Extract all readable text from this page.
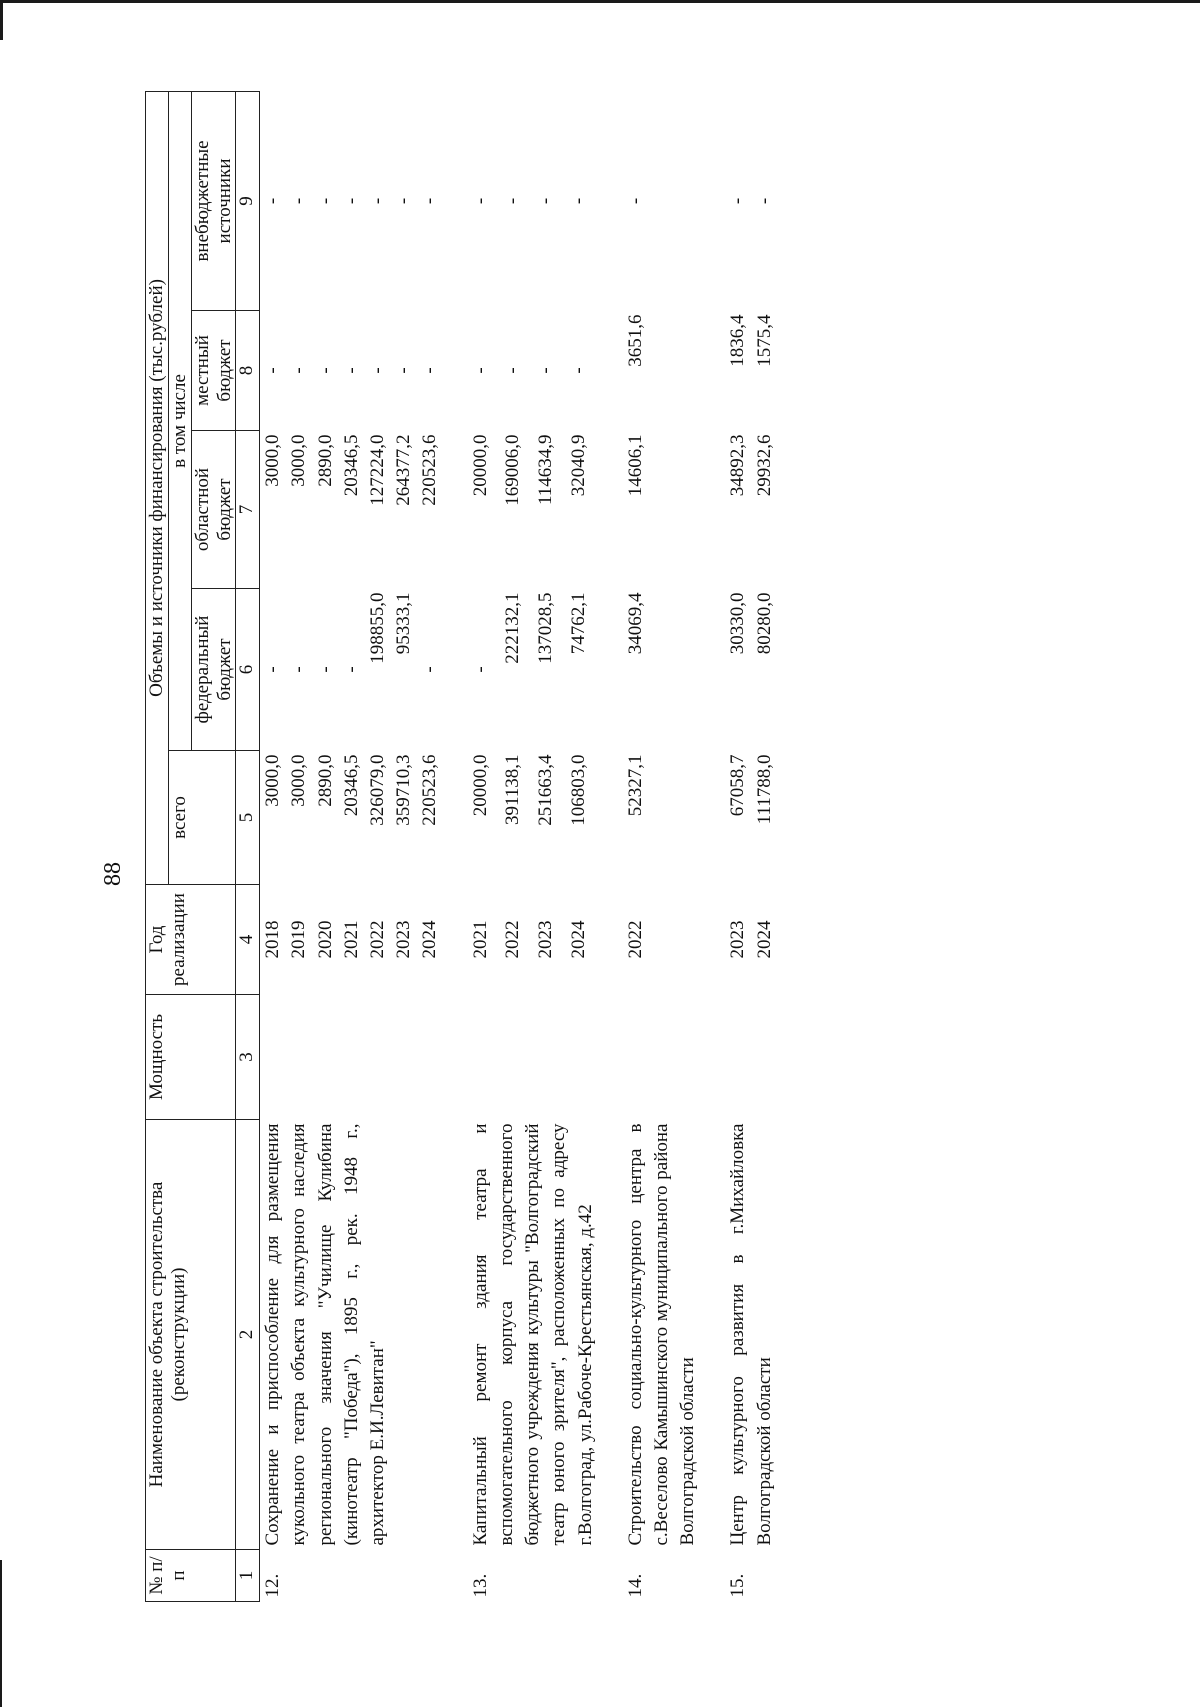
88
№ п/п	Наименование объекта строительства (реконструкции)	Мощность	Год реализации	Объемы и источники финансирования (тыс.рублей)				
				всего	в том числе			
					федеральный бюджет	областной бюджет	местный бюджет	внебюджетные источники
1	2	3	4	5	6	7	8	9
12.	Сохранение и приспособление для размещения кукольного театра объекта культурного наследия регионального значения "Училище Кулибина (кинотеатр "Победа"), 1895 г., рек. 1948 г., архитектор Е.И.Левитан"		2018	3000,0	-	3000,0	-	-
			2019	3000,0	-	3000,0	-	-
			2020	2890,0	-	2890,0	-	-
			2021	20346,5	-	20346,5	-	-
			2022	326079,0	198855,0	127224,0	-	-
			2023	359710,3	95333,1	264377,2	-	-
			2024	220523,6	-	220523,6	-	-

13.	Капитальный ремонт здания театра и вспомогательного корпуса государственного бюджетного учреждения культуры "Волгоградский театр юного зрителя", расположенных по адресу г.Волгоград, ул.Рабоче-Крестьянская, д.42		2021	20000,0	-	20000,0	-	-
			2022	391138,1	222132,1	169006,0	-	-
			2023	251663,4	137028,5	114634,9	-	-
			2024	106803,0	74762,1	32040,9	-	-

14.	Строительство социально-культурного центра в с.Веселово Камышинского муниципального района Волгоградской области		2022	52327,1	34069,4	14606,1	3651,6	-

15.	Центр культурного развития в г.Михайловка Волгоградской области		2023	67058,7	30330,0	34892,3	1836,4	-
			2024	111788,0	80280,0	29932,6	1575,4	-
